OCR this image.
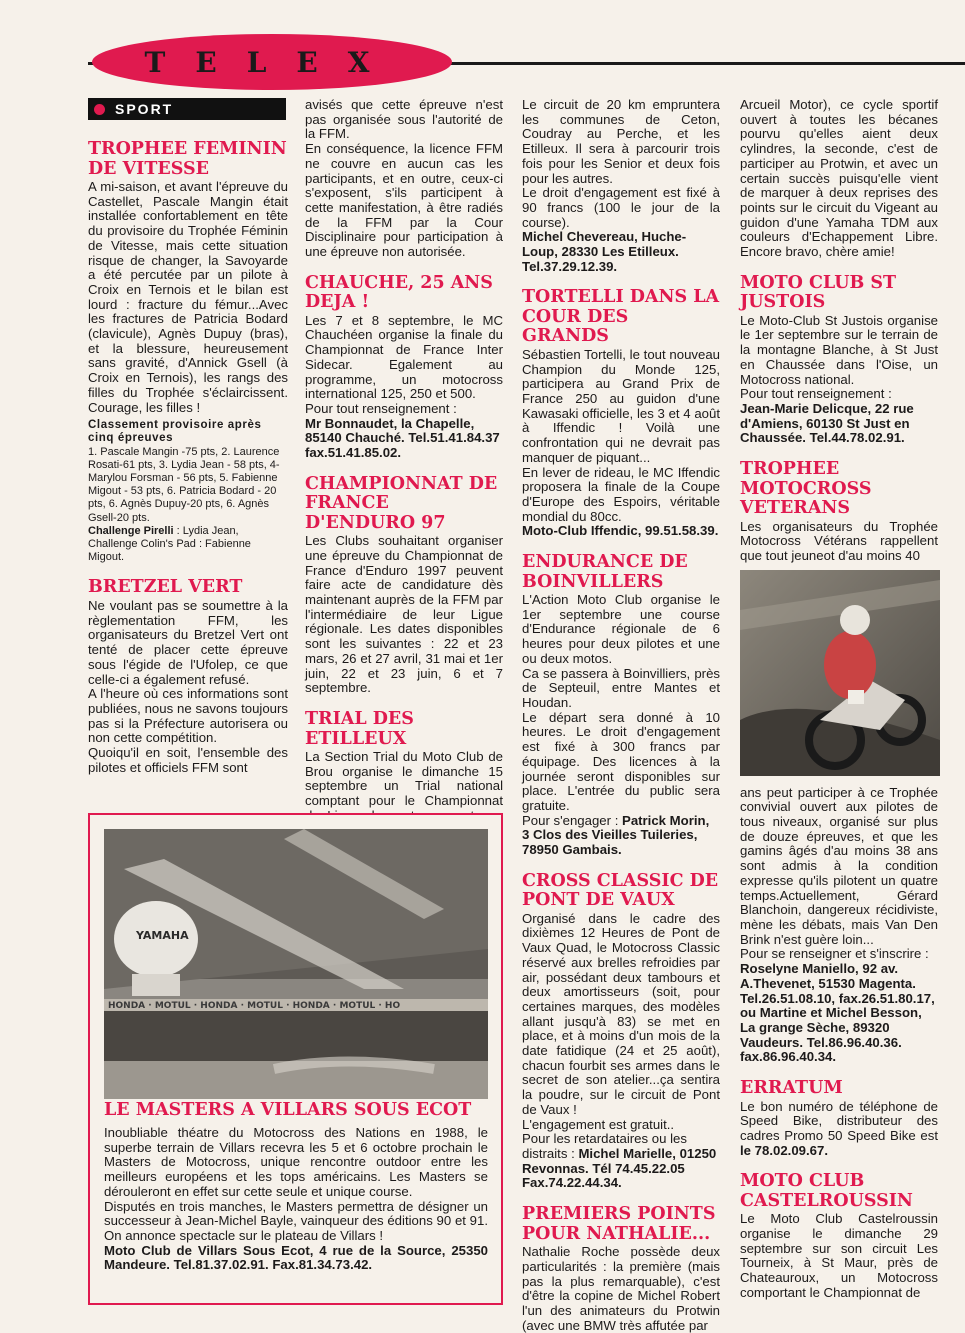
TELEX
SPORT
TROPHEE FEMININ DE VITESSE

A mi-saison, et avant l'épreuve du Castellet, Pascale Mangin était installée confortablement en tête du provisoire du Trophée Féminin de Vitesse, mais cette situation risque de changer, la Savoyarde a été percutée par un pilote à Croix en Ternois et le bilan est lourd : fracture du fémur...Avec les fractures de Patricia Bodard (clavicule), Agnès Dupuy (bras), et la blessure, heureusement sans gravité, d'Annick Gsell (à Croix en Ternois), les rangs des filles du Trophée s'éclaircissent. Courage, les filles !

Classement provisoire après cinq épreuves
1. Pascale Mangin -75 pts, 2. Laurence Rosati-61 pts, 3. Lydia Jean - 58 pts, 4- Marylou Forsman - 56 pts, 5. Fabienne Migout - 53 pts, 6. Patricia Bodard - 20 pts, 6. Agnès Dupuy-20 pts, 6. Agnès Gsell-20 pts.
Challenge Pirelli : Lydia Jean, Challenge Colin's Pad : Fabienne Migout.
BRETZEL VERT

Ne voulant pas se soumettre à la règlementation FFM, les organisateurs du Bretzel Vert ont tenté de placer cette épreuve sous l'égide de l'Ufolep, ce que celle-ci a également refusé.

A l'heure où ces informations sont publiées, nous ne savons toujours pas si la Préfecture autorisera ou non cette compétition.

Quoiqu'il en soit, l'ensemble des pilotes et officiels FFM sont

avisés que cette épreuve n'est pas organisée sous l'autorité de la FFM.

En conséquence, la licence FFM ne couvre en aucun cas les participants, et en outre, ceux-ci s'exposent, s'ils participent à cette manifestation, à être radiés de la FFM par la Cour Disciplinaire pour participation à une épreuve non autorisée.

CHAUCHE, 25 ANS DEJA !

Les 7 et 8 septembre, le MC Chauchéen organise la finale du Championnat de France Inter Sidecar. Egalement au programme, un motocross international 125, 250 et 500.

Pour tout renseignement :

Mr Bonnaudet, la Chapelle, 85140 Chauché. Tel.51.41.84.37 fax.51.41.85.02.

CHAMPIONNAT DE FRANCE D'ENDURO 97

Les Clubs souhaitant organiser une épreuve du Championnat de France d'Enduro 1997 peuvent faire acte de candidature dès maintenant auprès de la FFM par l'intermédiaire de leur Ligue régionale. Les dates disponibles sont les suivantes : 22 et 23 mars, 26 et 27 avril, 31 mai et 1er juin, 22 et 23 juin, 6 et 7 septembre.

TRIAL DES ETILLEUX

La Section Trial du Moto Club de Brou organise le dimanche 15 septembre un Trial national comptant pour le Championnat

Le circuit de 20 km empruntera les communes de Ceton, Coudray au Perche, et les Etilleux. Il sera à parcourir trois fois pour les Senior et deux fois pour les autres.

Le droit d'engagement est fixé à 90 francs (100 le jour de la course).

Michel Chevereau, Huche-Loup, 28330 Les Etilleux. Tel.37.29.12.39.

TORTELLI DANS LA COUR DES GRANDS

Sébastien Tortelli, le tout nouveau Champion du Monde 125, participera au Grand Prix de France 250 au guidon d'une Kawasaki officielle, les 3 et 4 août à Iffendic ! Voilà une confrontation qui ne devrait pas manquer de piquant...

En lever de rideau, le MC Iffendic proposera la finale de la Coupe d'Europe des Espoirs, véritable mondial du 80cc.

Moto-Club Iffendic, 99.51.58.39.

ENDURANCE DE BOINVILLERS

L'Action Moto Club organise le 1er septembre une course d'Endurance régionale de 6 heures pour deux pilotes et une ou deux motos.

Ca se passera à Boinvilliers, près de Septeuil, entre Mantes et Houdan.

Le départ sera donné à 10 heures. Le droit d'engagement est fixé à 300 francs par équipage. Des licences à la journée seront disponibles sur place. L'entrée du public sera gratuite.

Pour s'engager : Patrick Morin, 3 Clos des Vieilles Tuileries, 78950 Gambais.

CROSS CLASSIC DE PONT DE VAUX

Organisé dans le cadre des dixièmes 12 Heures de Pont de Vaux Quad, le Motocross Classic réservé aux brelles refroidies par air, possédant deux tambours et deux amortisseurs (soit, pour certaines marques, des modèles allant jusqu'à 83) se met en place, et à moins d'un mois de la date fatidique (24 et 25 août), chacun fourbit ses armes dans le secret de son atelier...ça sentira la poudre, sur le circuit de Pont de Vaux !

L'engagement est gratuit..

Pour les retardataires ou les distraits : Michel Marielle, 01250 Revonnas. Tél 74.45.22.05 Fax.74.22.44.34.

PREMIERS POINTS POUR NATHALIE...

Nathalie Roche possède deux particularités : la première (mais pas la plus remarquable), c'est d'être la copine de Michel Robert l'un des animateurs du Protwin (avec une BMW très affutée par

Arcueil Motor), ce cycle sportif ouvert à toutes les bécanes pourvu qu'elles aient deux cylindres, la seconde, c'est de participer au Protwin, et avec un certain succès puisqu'elle vient de marquer à deux reprises des points sur le circuit du Vigeant au guidon d'une Yamaha TDM aux couleurs d'Echappement Libre. Encore bravo, chère amie!

MOTO CLUB ST JUSTOIS

Le Moto-Club St Justois organise le 1er septembre sur le terrain de la montagne Blanche, à St Just en Chaussée dans l'Oise, un Motocross national.

Pour tout renseignement :

Jean-Marie Delicque, 22 rue d'Amiens, 60130 St Just en Chaussée. Tel.44.78.02.91.

TROPHEE MOTOCROSS VETERANS

Les organisateurs du Trophée Motocross Vétérans rappellent que tout jeuneot d'au moins 40

ans peut participer à ce Trophée convivial ouvert aux pilotes de tous niveaux, organisé sur plus de douze épreuves, et que les gamins âgés d'au moins 38 ans sont admis à la condition expresse qu'ils pilotent un quatre temps.Actuellement, Gérard Blanchoin, dangereux récidiviste, mène les débats, mais Van Den Brink n'est guère loin...

Pour se renseigner et s'inscrire :

Roselyne Maniello, 92 av. A.Thevenet, 51530 Magenta. Tel.26.51.08.10, fax.26.51.80.17, ou Martine et Michel Besson, La grange Sèche, 89320 Vaudeurs. Tel.86.96.40.36. fax.86.96.40.34.

ERRATUM

Le bon numéro de téléphone de Speed Bike, distributeur des cadres Promo 50 Speed Bike est le 78.02.09.67.

MOTO CLUB CASTELROUSSIN

Le Moto Club Castelroussin organise le dimanche 29 septembre sur son circuit Les Tourneix, à St Maur, près de Chateauroux, un Motocross comportant le Championnat de

YAMAHA
HONDA · MOTUL · HONDA · MOTUL · HONDA · MOTUL · HO
LE MASTERS A VILLARS SOUS ECOT

Inoubliable théatre du Motocross des Nations en 1988, le superbe terrain de Villars recevra les 5 et 6 octobre prochain le Masters de Motocross, unique rencontre outdoor entre les meilleurs européens et les tops américains. Les Masters se dérouleront en effet sur cette seule et unique course.

Disputés en trois manches, le Masters permettra de désigner un successeur à Jean-Michel Bayle, vainqueur des éditions 90 et 91. On annonce spectacle sur le plateau de Villars !

Moto Club de Villars Sous Ecot, 4 rue de la Source, 25350 Mandeure. Tel.81.37.02.91. Fax.81.34.73.42.
